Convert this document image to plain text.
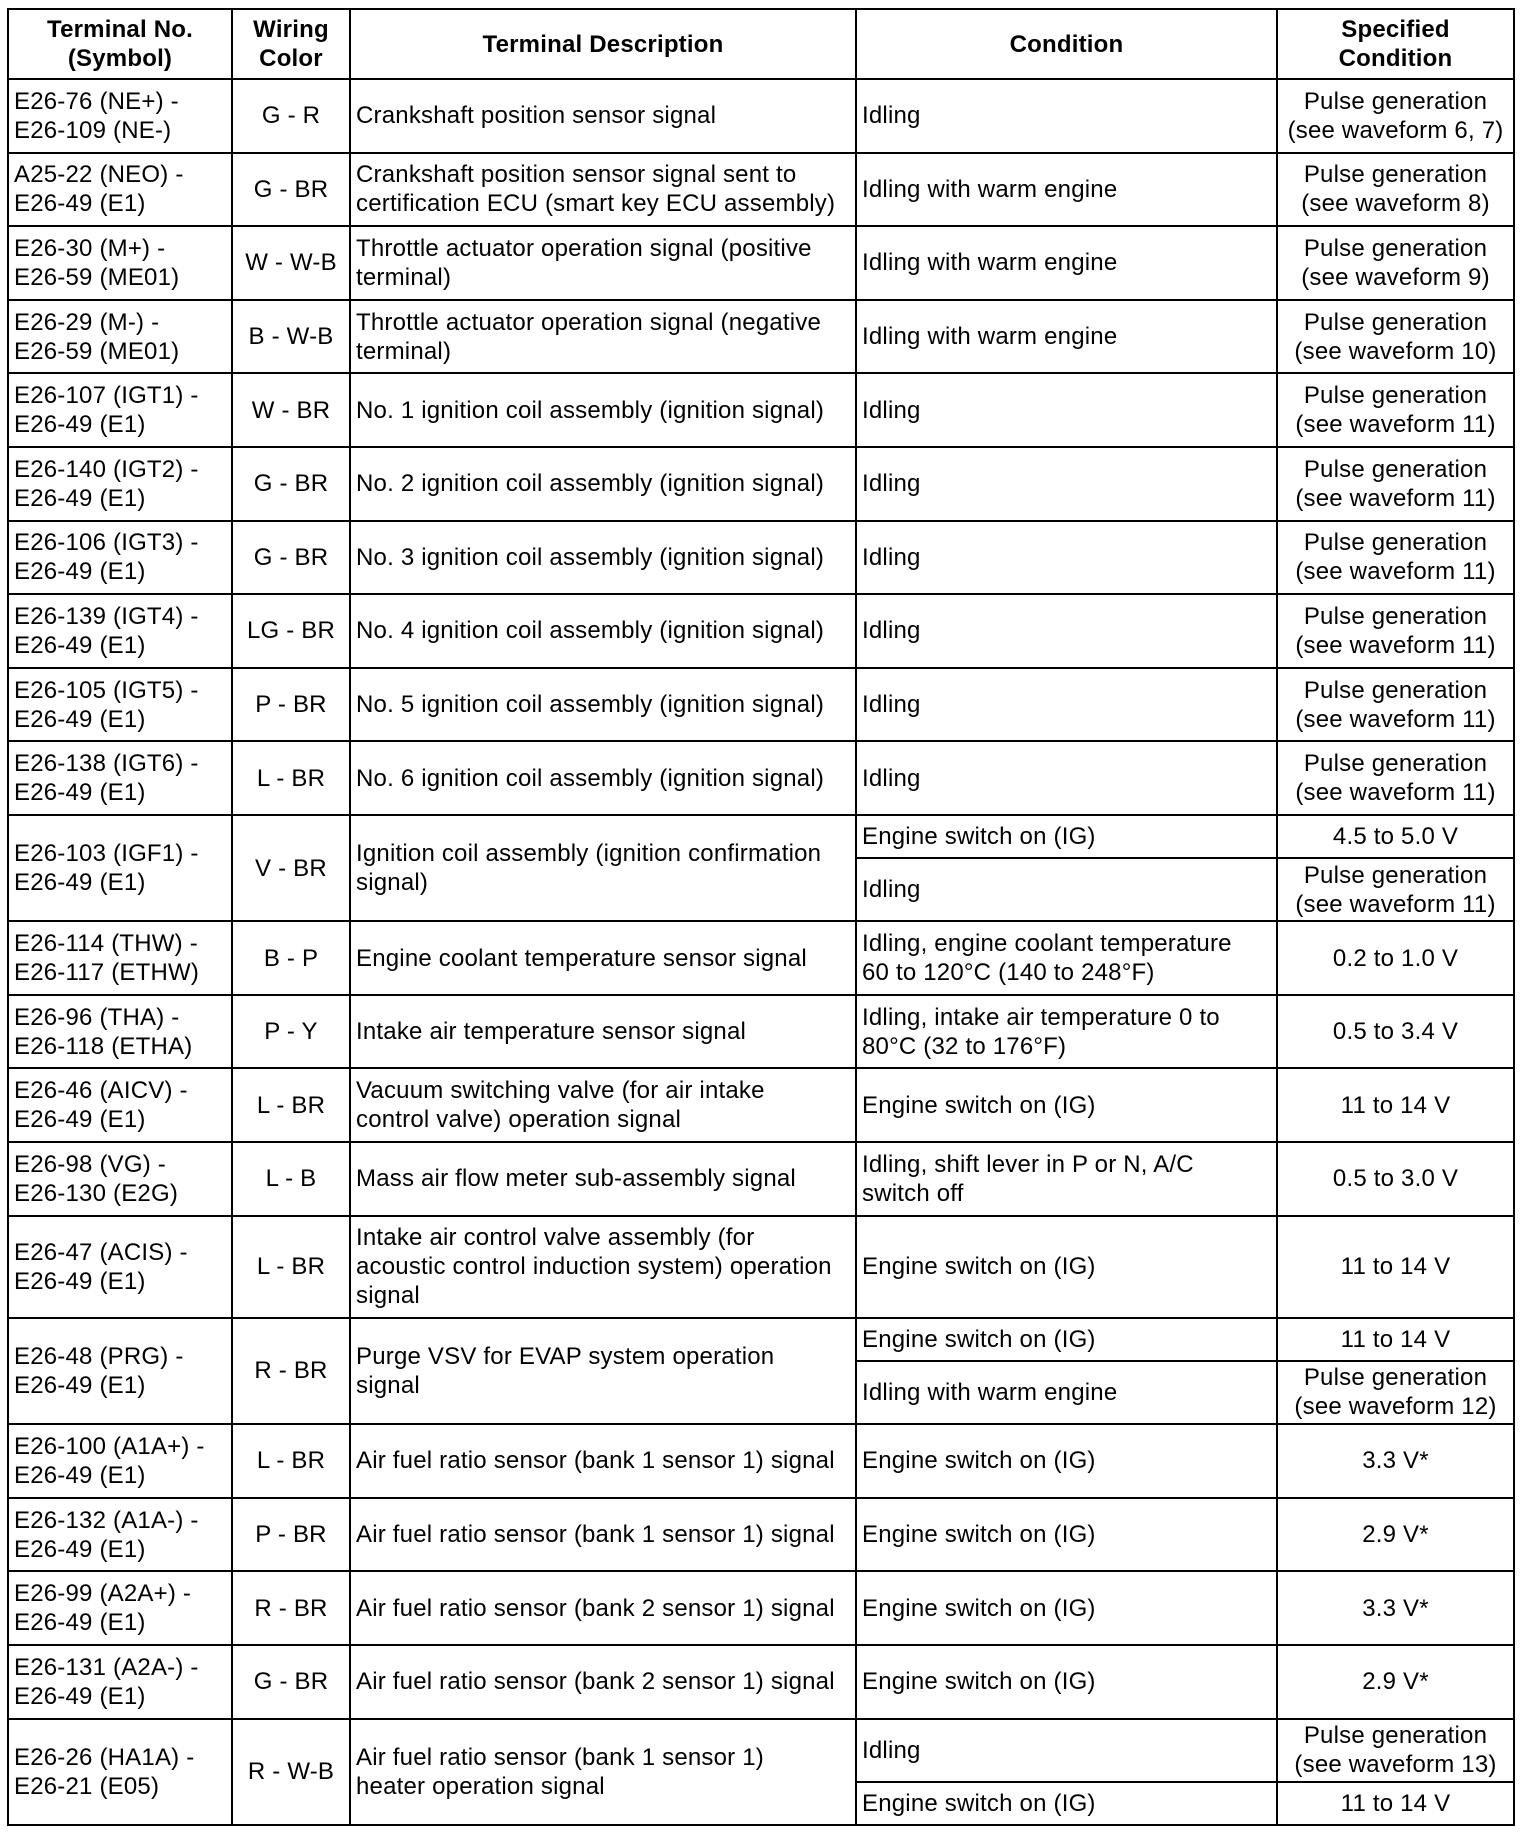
Terminal No.
(Symbol)	Wiring
Color	Terminal Description	Condition	Specified
Condition
E26-76 (NE+) -
E26-109 (NE-)	G - R	Crankshaft position sensor signal	Idling	Pulse generation
(see waveform 6, 7)
A25-22 (NEO) -
E26-49 (E1)	G - BR	Crankshaft position sensor signal sent to
certification ECU (smart key ECU assembly)	Idling with warm engine	Pulse generation
(see waveform 8)
E26-30 (M+) -
E26-59 (ME01)	W - W-B	Throttle actuator operation signal (positive
terminal)	Idling with warm engine	Pulse generation
(see waveform 9)
E26-29 (M-) -
E26-59 (ME01)	B - W-B	Throttle actuator operation signal (negative
terminal)	Idling with warm engine	Pulse generation
(see waveform 10)
E26-107 (IGT1) -
E26-49 (E1)	W - BR	No. 1 ignition coil assembly (ignition signal)	Idling	Pulse generation
(see waveform 11)
E26-140 (IGT2) -
E26-49 (E1)	G - BR	No. 2 ignition coil assembly (ignition signal)	Idling	Pulse generation
(see waveform 11)
E26-106 (IGT3) -
E26-49 (E1)	G - BR	No. 3 ignition coil assembly (ignition signal)	Idling	Pulse generation
(see waveform 11)
E26-139 (IGT4) -
E26-49 (E1)	LG - BR	No. 4 ignition coil assembly (ignition signal)	Idling	Pulse generation
(see waveform 11)
E26-105 (IGT5) -
E26-49 (E1)	P - BR	No. 5 ignition coil assembly (ignition signal)	Idling	Pulse generation
(see waveform 11)
E26-138 (IGT6) -
E26-49 (E1)	L - BR	No. 6 ignition coil assembly (ignition signal)	Idling	Pulse generation
(see waveform 11)
E26-103 (IGF1) -
E26-49 (E1)	V - BR	Ignition coil assembly (ignition confirmation
signal)	Engine switch on (IG)	4.5 to 5.0 V
			Idling	Pulse generation
(see waveform 11)
E26-114 (THW) -
E26-117 (ETHW)	B - P	Engine coolant temperature sensor signal	Idling, engine coolant temperature
60 to 120°C (140 to 248°F)	0.2 to 1.0 V
E26-96 (THA) -
E26-118 (ETHA)	P - Y	Intake air temperature sensor signal	Idling, intake air temperature 0 to
80°C (32 to 176°F)	0.5 to 3.4 V
E26-46 (AICV) -
E26-49 (E1)	L - BR	Vacuum switching valve (for air intake
control valve) operation signal	Engine switch on (IG)	11 to 14 V
E26-98 (VG) -
E26-130 (E2G)	L - B	Mass air flow meter sub-assembly signal	Idling, shift lever in P or N, A/C
switch off	0.5 to 3.0 V
E26-47 (ACIS) -
E26-49 (E1)	L - BR	Intake air control valve assembly (for
acoustic control induction system) operation
signal	Engine switch on (IG)	11 to 14 V
E26-48 (PRG) -
E26-49 (E1)	R - BR	Purge VSV for EVAP system operation
signal	Engine switch on (IG)	11 to 14 V
			Idling with warm engine	Pulse generation
(see waveform 12)
E26-100 (A1A+) -
E26-49 (E1)	L - BR	Air fuel ratio sensor (bank 1 sensor 1) signal	Engine switch on (IG)	3.3 V*
E26-132 (A1A-) -
E26-49 (E1)	P - BR	Air fuel ratio sensor (bank 1 sensor 1) signal	Engine switch on (IG)	2.9 V*
E26-99 (A2A+) -
E26-49 (E1)	R - BR	Air fuel ratio sensor (bank 2 sensor 1) signal	Engine switch on (IG)	3.3 V*
E26-131 (A2A-) -
E26-49 (E1)	G - BR	Air fuel ratio sensor (bank 2 sensor 1) signal	Engine switch on (IG)	2.9 V*
E26-26 (HA1A) -
E26-21 (E05)	R - W-B	Air fuel ratio sensor (bank 1 sensor 1)
heater operation signal	Idling	Pulse generation
(see waveform 13)
			Engine switch on (IG)	11 to 14 V
